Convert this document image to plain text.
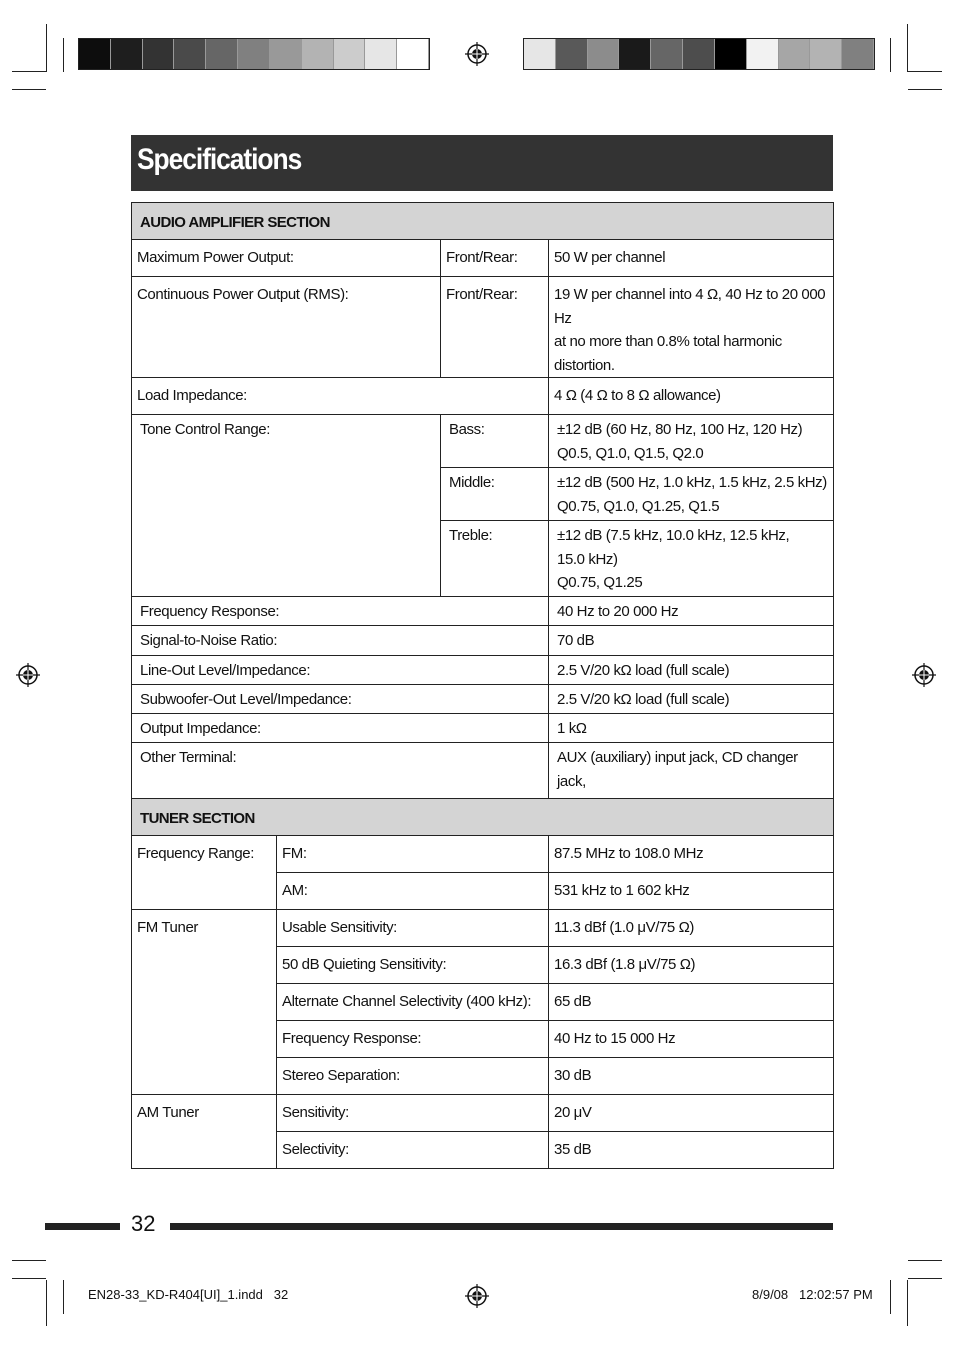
Specifications
AUDIO AMPLIFIER SECTION		
Maximum Power Output:	Front/Rear:	50 W per channel
Continuous Power Output (RMS):	Front/Rear:	19 W per channel into 4 Ω, 40 Hz to 20 000 Hz
at no more than 0.8% total harmonic
distortion.

Load Impedance:		4 Ω (4 Ω to 8 Ω allowance)
Tone Control Range:	Bass:	±12 dB (60 Hz, 80 Hz, 100 Hz, 120 Hz)
Q0.5, Q1.0, Q1.5, Q2.0

	Middle:	±12 dB (500 Hz, 1.0 kHz, 1.5 kHz, 2.5 kHz)
Q0.75, Q1.0, Q1.25, Q1.5

	Treble:	±12 dB (7.5 kHz, 10.0 kHz, 12.5 kHz,
15.0 kHz)
Q0.75, Q1.25

Frequency Response:		40 Hz to 20 000 Hz
Signal-to-Noise Ratio:		70 dB
Line-Out Level/Impedance:		2.5 V/20 kΩ load (full scale)
Subwoofer-Out Level/Impedance:		2.5 V/20 kΩ load (full scale)
Output Impedance:		1 kΩ
Other Terminal:		AUX (auxiliary) input jack, CD changer jack,
TUNER SECTION		
Frequency Range:	FM:	87.5 MHz to 108.0 MHz
	AM:	531 kHz to 1 602 kHz
FM Tuner	Usable Sensitivity:	11.3 dBf (1.0 μV/75 Ω)
	50 dB Quieting Sensitivity:	16.3 dBf (1.8 μV/75 Ω)
	Alternate Channel Selectivity (400 kHz):	65 dB
	Frequency Response:	40 Hz to 15 000 Hz
	Stereo Separation:	30 dB
AM Tuner	Sensitivity:	20 μV
	Selectivity:	35 dB
32
EN28-33_KD-R404[UI]_1.indd   32	8/9/08   12:02:57 PM
